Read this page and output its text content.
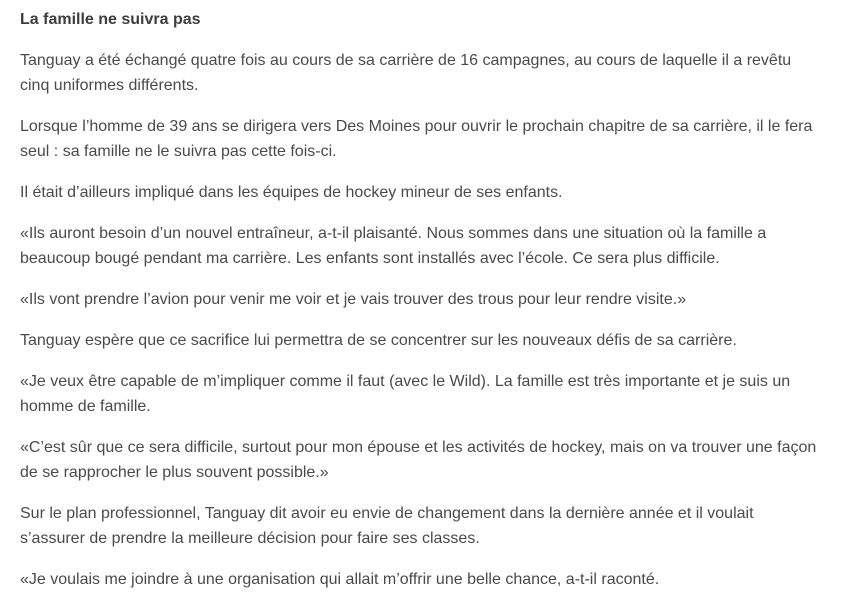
La famille ne suivra pas

Tanguay a été échangé quatre fois au cours de sa carrière de 16 campagnes, au cours de laquelle il a revêtu cinq uniformes différents.

Lorsque l’homme de 39 ans se dirigera vers Des Moines pour ouvrir le prochain chapitre de sa carrière, il le fera seul : sa famille ne le suivra pas cette fois-ci.

Il était d’ailleurs impliqué dans les équipes de hockey mineur de ses enfants.

«Ils auront besoin d’un nouvel entraîneur, a-t-il plaisanté. Nous sommes dans une situation où la famille a beaucoup bougé pendant ma carrière. Les enfants sont installés avec l’école. Ce sera plus difficile.

«Ils vont prendre l’avion pour venir me voir et je vais trouver des trous pour leur rendre visite.»

Tanguay espère que ce sacrifice lui permettra de se concentrer sur les nouveaux défis de sa carrière.

«Je veux être capable de m’impliquer comme il faut (avec le Wild). La famille est très importante et je suis un homme de famille.

«C’est sûr que ce sera difficile, surtout pour mon épouse et les activités de hockey, mais on va trouver une façon de se rapprocher le plus souvent possible.»

Sur le plan professionnel, Tanguay dit avoir eu envie de changement dans la dernière année et il voulait s’assurer de prendre la meilleure décision pour faire ses classes.

«Je voulais me joindre à une organisation qui allait m’offrir une belle chance, a-t-il raconté.
